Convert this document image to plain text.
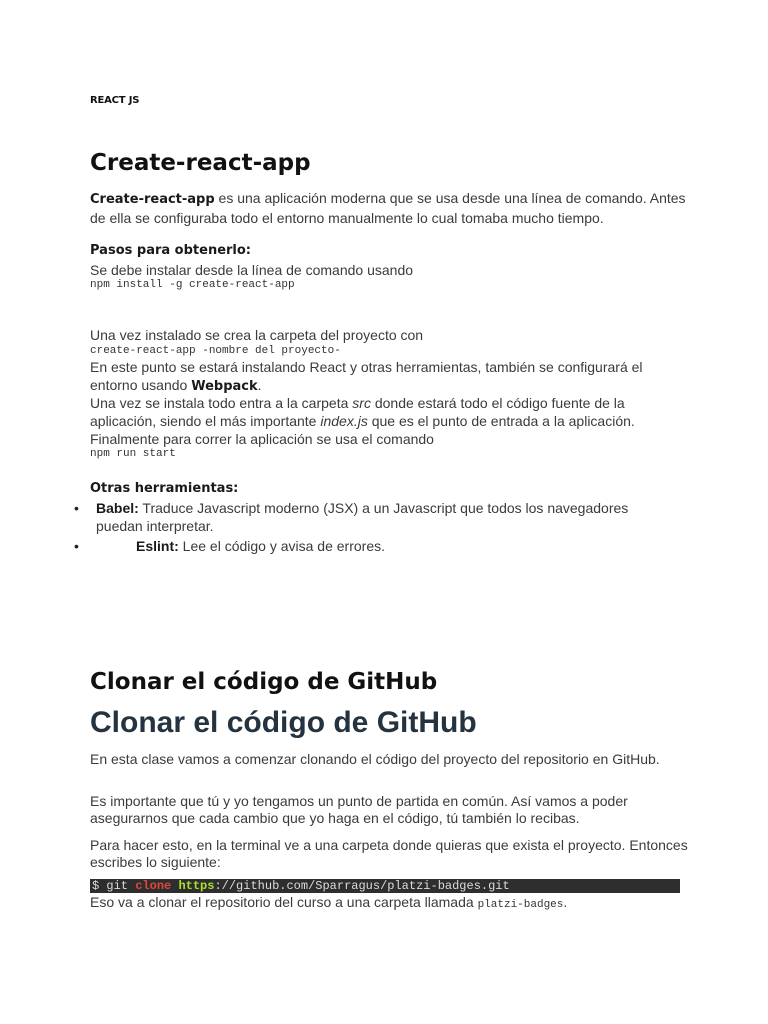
REACT JS
Create-react-app
Create-react-app es una aplicación moderna que se usa desde una línea de comando. Antes de ella se configuraba todo el entorno manualmente lo cual tomaba mucho tiempo.
Pasos para obtenerlo:
Se debe instalar desde la línea de comando usando
npm install -g create-react-app
Una vez instalado se crea la carpeta del proyecto con
create-react-app -nombre del proyecto-
En este punto se estará instalando React y otras herramientas, también se configurará el entorno usando Webpack.
Una vez se instala todo entra a la carpeta src donde estará todo el código fuente de la aplicación, siendo el más importante index.js que es el punto de entrada a la aplicación.
Finalmente para correr la aplicación se usa el comando
npm run start
Otras herramientas:
•	Babel: Traduce Javascript moderno (JSX) a un Javascript que todos los navegadores puedan interpretar.
•	Eslint: Lee el código y avisa de errores.
Clonar el código de GitHub
Clonar el código de GitHub
En esta clase vamos a comenzar clonando el código del proyecto del repositorio en GitHub.
Es importante que tú y yo tengamos un punto de partida en común. Así vamos a poder asegurarnos que cada cambio que yo haga en el código, tú también lo recibas.
Para hacer esto, en la terminal ve a una carpeta donde quieras que exista el proyecto. Entonces escribes lo siguiente:
$ git clone https://github.com/Sparragus/platzi-badges.git
Eso va a clonar el repositorio del curso a una carpeta llamada platzi-badges.
